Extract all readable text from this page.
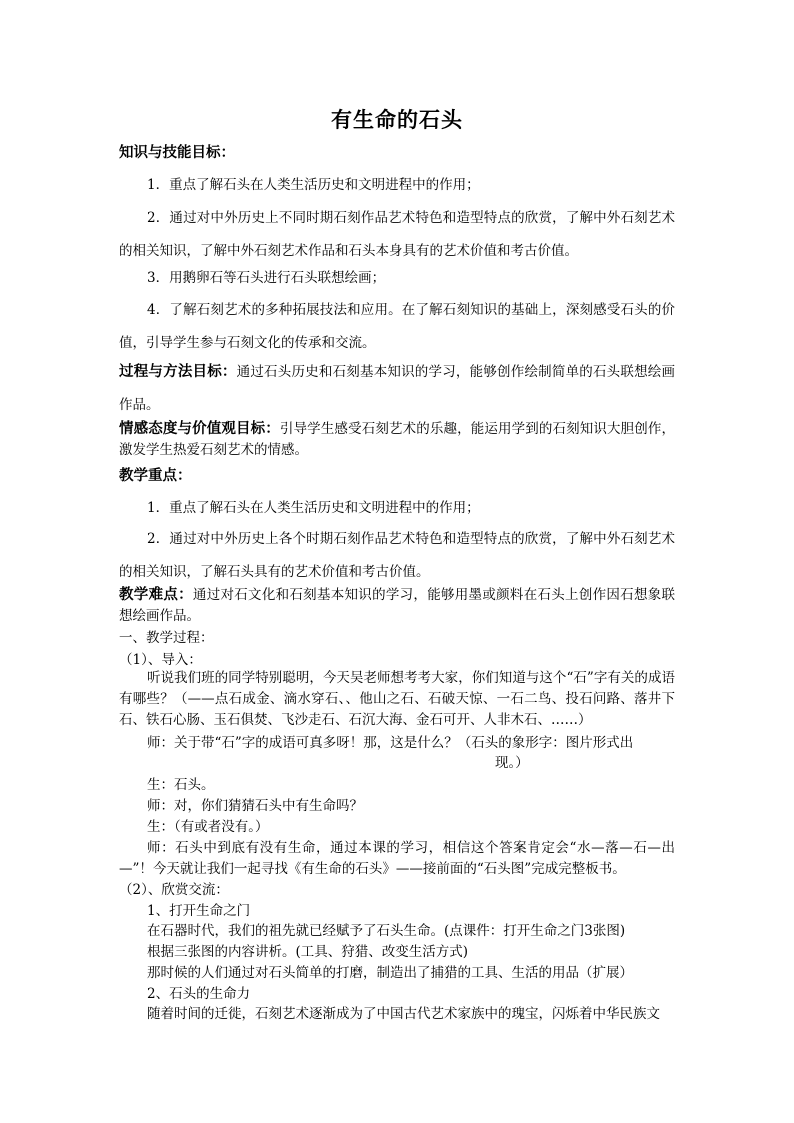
有生命的石头
知识与技能目标：
1．重点了解石头在人类生活历史和文明进程中的作用；
2．通过对中外历史上不同时期石刻作品艺术特色和造型特点的欣赏，了解中外石刻艺术的相关知识，了解中外石刻艺术作品和石头本身具有的艺术价值和考古价值。
3．用鹅卵石等石头进行石头联想绘画；
4．了解石刻艺术的多种拓展技法和应用。在了解石刻知识的基础上，深刻感受石头的价值，引导学生参与石刻文化的传承和交流。
过程与方法目标：通过石头历史和石刻基本知识的学习，能够创作绘制简单的石头联想绘画作品。
情感态度与价值观目标：引导学生感受石刻艺术的乐趣，能运用学到的石刻知识大胆创作，激发学生热爱石刻艺术的情感。
教学重点：
1．重点了解石头在人类生活历史和文明进程中的作用；
2．通过对中外历史上各个时期石刻作品艺术特色和造型特点的欣赏，了解中外石刻艺术的相关知识，了解石头具有的艺术价值和考古价值。
教学难点：通过对石文化和石刻基本知识的学习，能够用墨或颜料在石头上创作因石想象联想绘画作品。
一、教学过程：
（1）、导入：
听说我们班的同学特别聪明，今天吴老师想考考大家，你们知道与这个“石”字有关的成语有哪些？（——点石成金、滴水穿石、、他山之石、石破天惊、一石二鸟、投石问路、落井下石、铁石心肠、玉石俱焚、飞沙走石、石沉大海、金石可开、人非木石、……）
师：关于带“石”字的成语可真多呀！那，这是什么？（石头的象形字：图片形式出
现。）
生：石头。
师：对，你们猜猜石头中有生命吗？
生：（有或者没有。）
师：石头中到底有没有生命，通过本课的学习，相信这个答案肯定会“水—落—石—出—”！今天就让我们一起寻找《有生命的石头》——接前面的“石头图”完成完整板书。
（2）、欣赏交流：
1、打开生命之门
在石器时代，我们的祖先就已经赋予了石头生命。(点课件：打开生命之门3张图)
根据三张图的内容讲析。(工具、狩猎、改变生活方式)
那时候的人们通过对石头简单的打磨，制造出了捕猎的工具、生活的用品（扩展）
2、石头的生命力
随着时间的迁徙，石刻艺术逐渐成为了中国古代艺术家族中的瑰宝，闪烁着中华民族文
